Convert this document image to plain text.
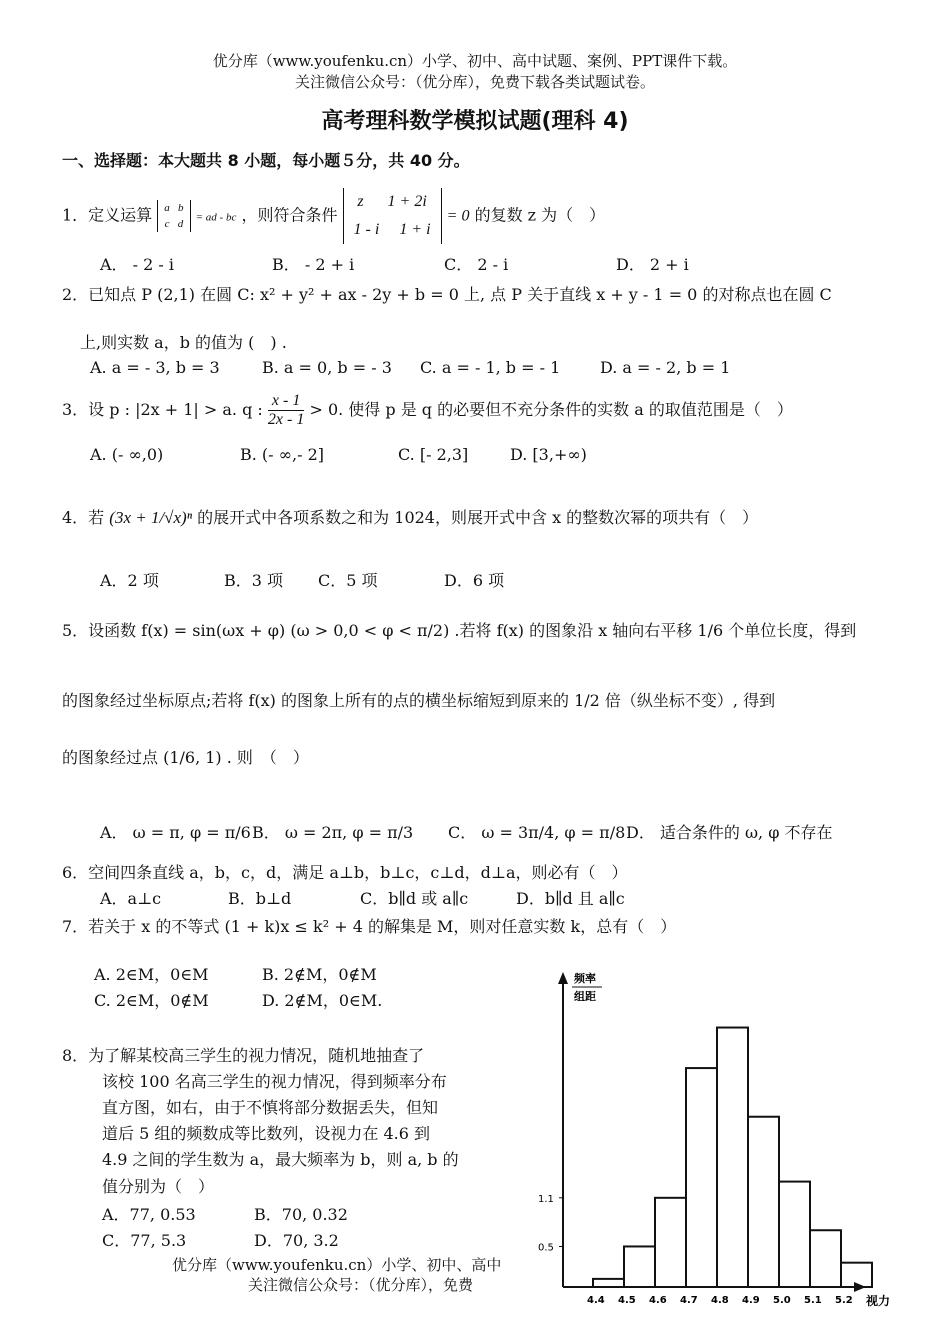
优分库（www.youfenku.cn）小学、初中、高中试题、案例、PPT课件下载。
关注微信公众号：（优分库），免费下载各类试题试卷。
高考理科数学模拟试题(理科 4)
一、选择题：本大题共 8 小题，每小题５分，共 40 分。
1．定义运算 a   b
c   d = ad - bc ，则符合条件 z 1 + 2i
1 - i 1 + i = 0 的复数 z 为（　）
A． - 2 - i	B． - 2 + i	C． 2 - i	D． 2 + i
2．已知点 P (2,1) 在圆 C: x² + y² + ax - 2y + b = 0 上, 点 P 关于直线 x + y - 1 = 0 的对称点也在圆 C
上,则实数 a，b 的值为 (　) .
A. a = - 3, b = 3	B. a = 0, b = - 3 C. a = - 1, b = - 1 D. a = - 2, b = 1
3．设 p : |2x + 1| > a. q : $\frac{x - 1}{2x - 1} > 0$. 使得 p 是 q 的必要但不充分条件的实数 a 的取值范围是（　）
A. (- ∞,0)	B. (- ∞,- 2]	C. [- 2,3]	D. [3,+∞)
4．若 (3x + 1/√x)ⁿ 的展开式中各项系数之和为 1024，则展开式中含 x 的整数次幂的项共有（　）
A．2 项	B．3 项 C．5 项	D．6 项
5．设函数 f(x) = sin(ωx + φ) (ω > 0,0 < φ < π/2) .若将 f(x) 的图象沿 x 轴向右平移 1/6 个单位长度，得到
的图象经过坐标原点;若将 f(x) 的图象上所有的点的横坐标缩短到原来的 1/2 倍（纵坐标不变）, 得到
的图象经过点 (1/6, 1) . 则　（　）
A． ω = π, φ = π/6 B． ω = 2π, φ = π/3 C． ω = 3π/4, φ = π/8 D． 适合条件的 ω, φ 不存在
6．空间四条直线 a，b，c，d，满足 a⊥b，b⊥c，c⊥d，d⊥a，则必有（　）
A．a⊥c	B．b⊥d	C．b∥d 或 a∥c	D．b∥d 且 a∥c
7．若关于 x 的不等式 (1 + k)x ≤ k² + 4 的解集是 M，则对任意实数 k，总有（　）
A. 2∈M，0∈M	B. 2∉M，0∉M
C. 2∈M，0∉M	D. 2∉M，0∈M.
8．为了解某校高三学生的视力情况，随机地抽查了
该校 100 名高三学生的视力情况，得到频率分布
直方图，如右，由于不慎将部分数据丢失，但知
道后 5 组的频数成等比数列，设视力在 4.6 到
4.9 之间的学生数为 a，最大频率为 b，则 a, b 的
值分别为（　）
A．77, 0.53	B．70, 0.32
C．77, 5.3	D．70, 3.2
优分库（www.youfenku.cn）小学、初中、高中
关注微信公众号：（优分库），免费
4.4 4.5 4.6 4.7 4.8 4.9 5.0 5.1 5.2
0.5
1.1
频率
组距
视力
